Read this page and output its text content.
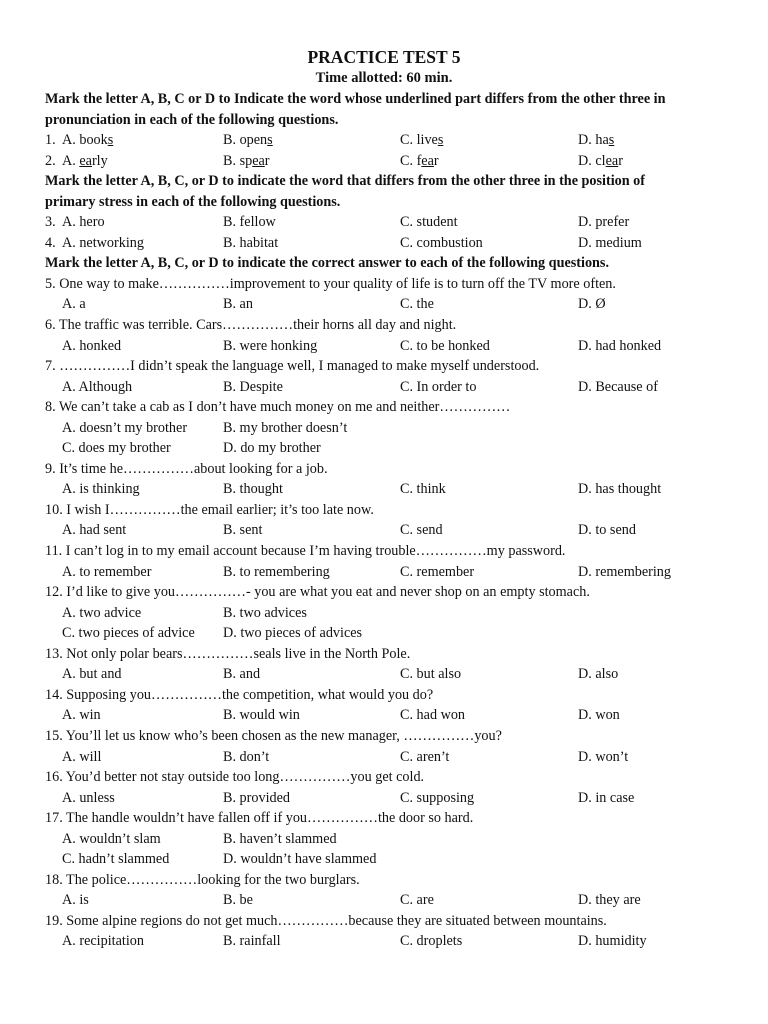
PRACTICE TEST 5
Time allotted: 60 min.
Mark the letter A, B, C or D to Indicate the word whose underlined part differs from the other three in
pronunciation in each of the following questions.
1. A. books	B. opens	C. lives	D. has
2. A. early	B. spear	C. fear	D. clear
Mark the letter A, B, C, or D to indicate the word that differs from the other three in the position of
primary stress in each of the following questions.
3. A. hero	B. fellow	C. student	D. prefer
4. A. networking	B. habitat	C. combustion	D. medium
Mark the letter A, B, C, or D to indicate the correct answer to each of the following questions.
5. One way to make……………improvement to your quality of life is to turn off the TV more often.
A. a	B. an	C. the	D. Ø
6. The traffic was terrible. Cars……………their horns all day and night.
A. honked	B. were honking	C. to be honked	D. had honked
7. ……………I didn’t speak the language well, I managed to make myself understood.
A. Although	B. Despite	C. In order to	D. Because of
8. We can’t take a cab as I don’t have much money on me and neither……………
A. doesn’t my brother	B. my brother doesn’t
C. does my brother	D. do my brother
9. It’s time he……………about looking for a job.
A. is thinking	B. thought	C. think	D. has thought
10. I wish I……………the email earlier; it’s too late now.
A. had sent	B. sent	C. send	D. to send
11. I can’t log in to my email account because I’m having trouble……………my password.
A. to remember	B. to remembering	C. remember	D. remembering
12. I’d like to give you……………- you are what you eat and never shop on an empty stomach.
A. two advice	B. two advices
C. two pieces of advice D. two pieces of advices
13. Not only polar bears……………seals live in the North Pole.
A. but and	B. and	C. but also	D. also
14. Supposing you……………the competition, what would you do?
A. win	B. would win	C. had won	D. won
15. You’ll let us know who’s been chosen as the new manager, ……………you?
A. will	B. don’t	C. aren’t	D. won’t
16. You’d better not stay outside too long……………you get cold.
A. unless	B. provided	C. supposing	D. in case
17. The handle wouldn’t have fallen off if you……………the door so hard.
A. wouldn’t slam	B. haven’t slammed
C. hadn’t slammed	D. wouldn’t have slammed
18. The police……………looking for the two burglars.
A. is	B. be	C. are	D. they are
19. Some alpine regions do not get much……………because they are situated between mountains.
A. recipitation	B. rainfall	C. droplets	D. humidity
